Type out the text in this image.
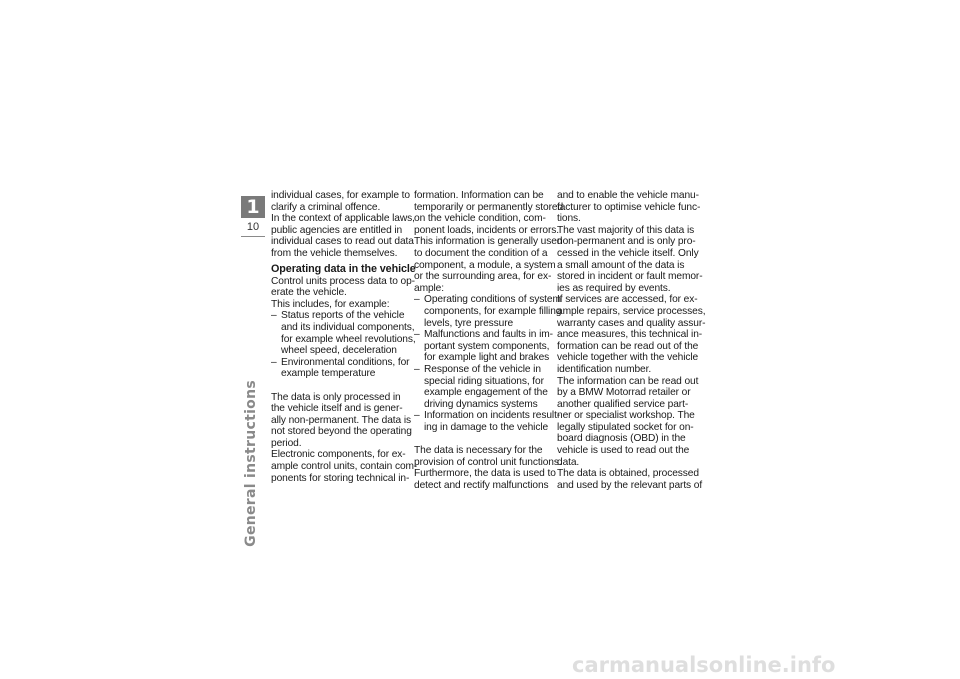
1
10
General instructions

individual cases, for example to

clarify a criminal offence.

In the context of applicable laws,

public agencies are entitled in

individual cases to read out data

from the vehicle themselves.

Operating data in the vehicle

Control units process data to op-

erate the vehicle.

This includes, for example:

– Status reports of the vehicle

and its individual components,

for example wheel revolutions,

wheel speed, deceleration

– Environmental conditions, for

example temperature

The data is only processed in

the vehicle itself and is gener-

ally non-permanent. The data is

not stored beyond the operating

period.

Electronic components, for ex-

ample control units, contain com-

ponents for storing technical in-

formation. Information can be

temporarily or permanently stored

on the vehicle condition, com-

ponent loads, incidents or errors.

This information is generally used

to document the condition of a

component, a module, a system

or the surrounding area, for ex-

ample:

– Operating conditions of system

components, for example filling

levels, tyre pressure

– Malfunctions and faults in im-

portant system components,

for example light and brakes

– Response of the vehicle in

special riding situations, for

example engagement of the

driving dynamics systems

– Information on incidents result-

ing in damage to the vehicle

The data is necessary for the

provision of control unit functions.

Furthermore, the data is used to

detect and rectify malfunctions

and to enable the vehicle manu-

facturer to optimise vehicle func-

tions.

The vast majority of this data is

non-permanent and is only pro-

cessed in the vehicle itself. Only

a small amount of the data is

stored in incident or fault memor-

ies as required by events.

If services are accessed, for ex-

ample repairs, service processes,

warranty cases and quality assur-

ance measures, this technical in-

formation can be read out of the

vehicle together with the vehicle

identification number.

The information can be read out

by a BMW Motorrad retailer or

another qualified service part-

ner or specialist workshop. The

legally stipulated socket for on-

board diagnosis (OBD) in the

vehicle is used to read out the

data.

The data is obtained, processed

and used by the relevant parts of

carmanualsonline.info
